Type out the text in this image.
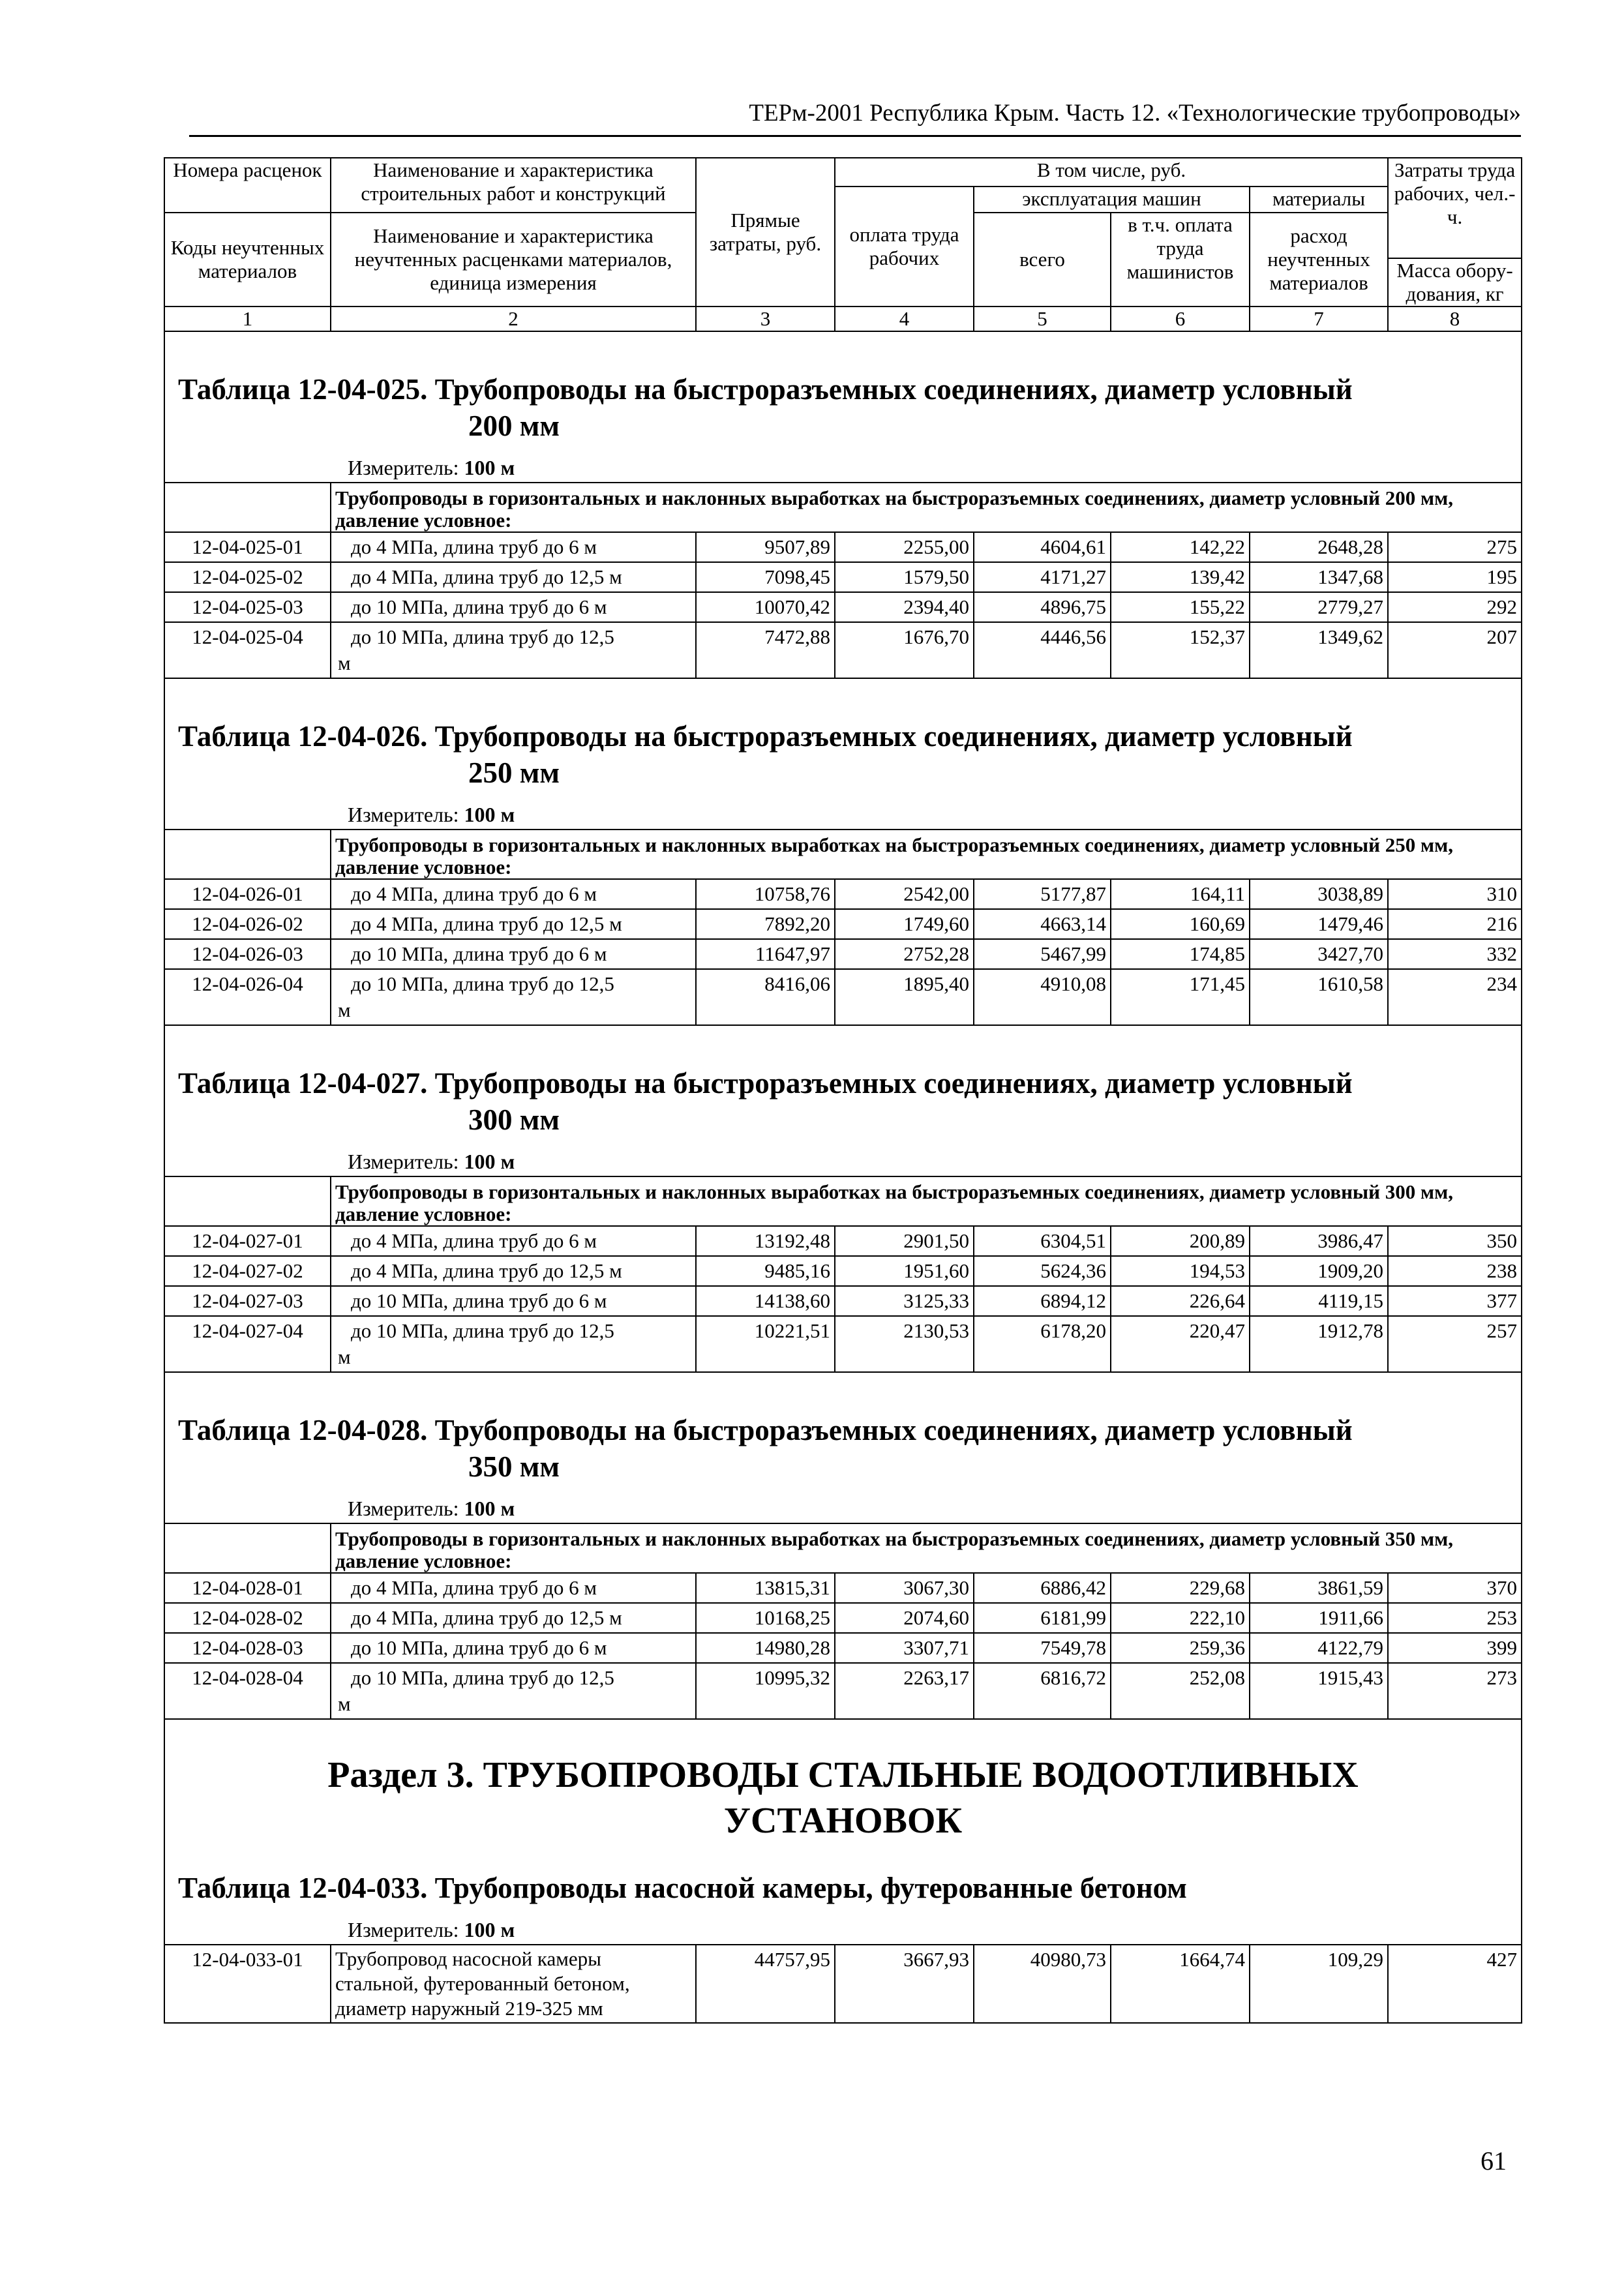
ТЕРм-2001 Республика Крым. Часть 12. «Технологические трубопроводы»
Номера расценок	Наименование и характеристика строительных работ и конструкций	Прямые затраты, руб.	В том числе, руб.				Затраты труда рабочих, чел.-ч.
			оплата труда рабочих	эксплуатация машин		материалы	
Коды неучтенных материалов	Наименование и характеристика неучтенных расценками материалов, единица измерения			всего	в т.ч. оплата труда машинистов	расход неучтенных материалов	
							Масса обору-дования, кг

1	2	3	4	5	6	7	8

Таблица 12-04-025. Трубопроводы на быстроразъемных соединениях, диаметр условный
200 мм
Измеритель: 100 м							

	Трубопроводы в горизонтальных и наклонных выработках на быстроразъемных соединениях, диаметр условный 200 мм, давление условное:						
12-04-025-01	до 4 МПа, длина труб до 6 м	9507,89	2255,00	4604,61	142,22	2648,28	275
12-04-025-02	до 4 МПа, длина труб до 12,5 м	7098,45	1579,50	4171,27	139,42	1347,68	195
12-04-025-03	до 10 МПа, длина труб до 6 м	10070,42	2394,40	4896,75	155,22	2779,27	292
12-04-025-04	до 10 МПа, длина труб до 12,5
м	7472,88	1676,70	4446,56	152,37	1349,62	207

Таблица 12-04-026. Трубопроводы на быстроразъемных соединениях, диаметр условный
250 мм
Измеритель: 100 м							

	Трубопроводы в горизонтальных и наклонных выработках на быстроразъемных соединениях, диаметр условный 250 мм, давление условное:						
12-04-026-01	до 4 МПа, длина труб до 6 м	10758,76	2542,00	5177,87	164,11	3038,89	310
12-04-026-02	до 4 МПа, длина труб до 12,5 м	7892,20	1749,60	4663,14	160,69	1479,46	216
12-04-026-03	до 10 МПа, длина труб до 6 м	11647,97	2752,28	5467,99	174,85	3427,70	332
12-04-026-04	до 10 МПа, длина труб до 12,5
м	8416,06	1895,40	4910,08	171,45	1610,58	234

Таблица 12-04-027. Трубопроводы на быстроразъемных соединениях, диаметр условный
300 мм
Измеритель: 100 м							

	Трубопроводы в горизонтальных и наклонных выработках на быстроразъемных соединениях, диаметр условный 300 мм, давление условное:						
12-04-027-01	до 4 МПа, длина труб до 6 м	13192,48	2901,50	6304,51	200,89	3986,47	350
12-04-027-02	до 4 МПа, длина труб до 12,5 м	9485,16	1951,60	5624,36	194,53	1909,20	238
12-04-027-03	до 10 МПа, длина труб до 6 м	14138,60	3125,33	6894,12	226,64	4119,15	377
12-04-027-04	до 10 МПа, длина труб до 12,5
м	10221,51	2130,53	6178,20	220,47	1912,78	257

Таблица 12-04-028. Трубопроводы на быстроразъемных соединениях, диаметр условный
350 мм
Измеритель: 100 м							

	Трубопроводы в горизонтальных и наклонных выработках на быстроразъемных соединениях, диаметр условный 350 мм, давление условное:						
12-04-028-01	до 4 МПа, длина труб до 6 м	13815,31	3067,30	6886,42	229,68	3861,59	370
12-04-028-02	до 4 МПа, длина труб до 12,5 м	10168,25	2074,60	6181,99	222,10	1911,66	253
12-04-028-03	до 10 МПа, длина труб до 6 м	14980,28	3307,71	7549,78	259,36	4122,79	399
12-04-028-04	до 10 МПа, длина труб до 12,5
м	10995,32	2263,17	6816,72	252,08	1915,43	273

Раздел 3. ТРУБОПРОВОДЫ СТАЛЬНЫЕ ВОДООТЛИВНЫХ
УСТАНОВОК							

Таблица 12-04-033. Трубопроводы насосной камеры, футерованные бетоном
Измеритель: 100 м							

12-04-033-01	Трубопровод насосной камеры
стальной, футерованный бетоном,
диаметр наружный 219-325 мм	44757,95	3667,93	40980,73	1664,74	109,29	427
61
